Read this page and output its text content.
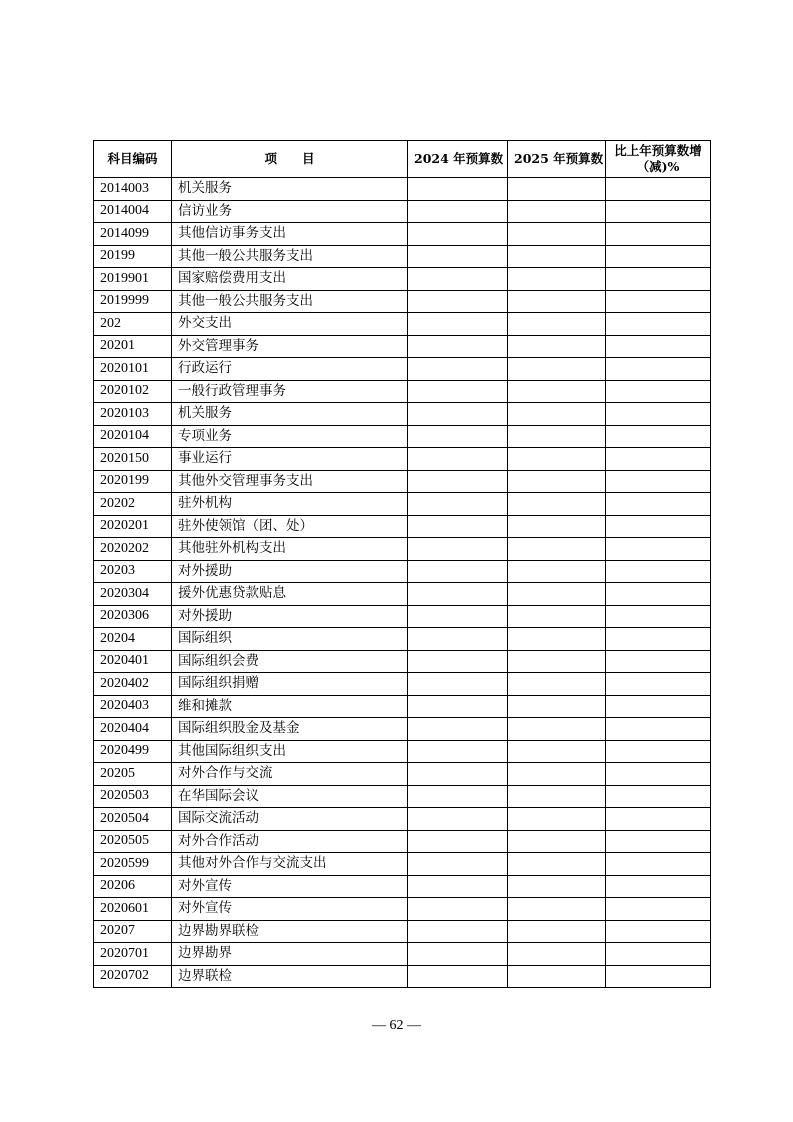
科目编码	项　　目	2024 年预算数	2025 年预算数	比上年预算数增（减)%
2014003	机关服务			
2014004	信访业务			
2014099	其他信访事务支出			
20199	其他一般公共服务支出			
2019901	国家赔偿费用支出			
2019999	其他一般公共服务支出			
202	外交支出			
20201	外交管理事务			
2020101	行政运行			
2020102	一般行政管理事务			
2020103	机关服务			
2020104	专项业务			
2020150	事业运行			
2020199	其他外交管理事务支出			
20202	驻外机构			
2020201	驻外使领馆（团、处）			
2020202	其他驻外机构支出			
20203	对外援助			
2020304	援外优惠贷款贴息			
2020306	对外援助			
20204	国际组织			
2020401	国际组织会费			
2020402	国际组织捐赠			
2020403	维和摊款			
2020404	国际组织股金及基金			
2020499	其他国际组织支出			
20205	对外合作与交流			
2020503	在华国际会议			
2020504	国际交流活动			
2020505	对外合作活动			
2020599	其他对外合作与交流支出			
20206	对外宣传			
2020601	对外宣传			
20207	边界勘界联检			
2020701	边界勘界			
2020702	边界联检			
— 62 —
